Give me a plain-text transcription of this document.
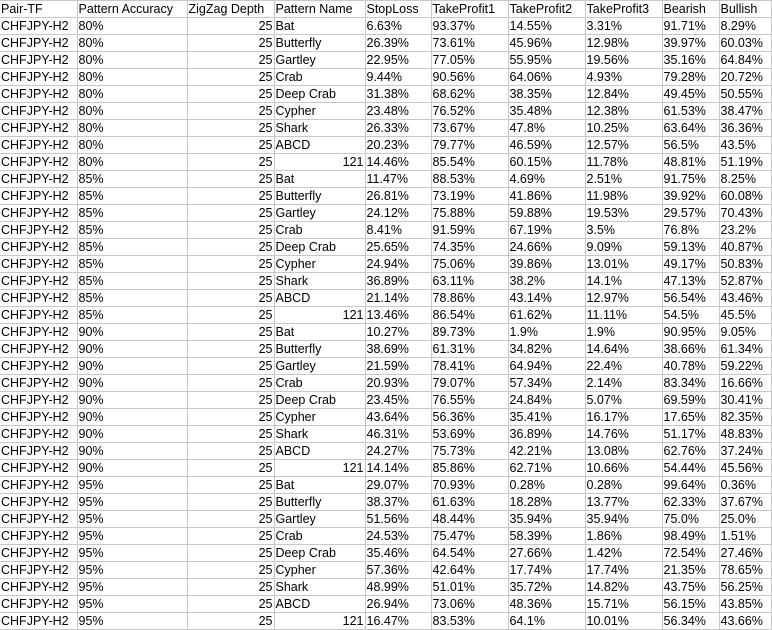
Pair-TF	Pattern Accuracy	ZigZag Depth	Pattern Name	StopLoss	TakeProfit1	TakeProfit2	TakeProfit3	Bearish	Bullish
CHFJPY-H2	80%	25	Bat	6.63%	93.37%	14.55%	3.31%	91.71%	8.29%
CHFJPY-H2	80%	25	Butterfly	26.39%	73.61%	45.96%	12.98%	39.97%	60.03%
CHFJPY-H2	80%	25	Gartley	22.95%	77.05%	55.95%	19.56%	35.16%	64.84%
CHFJPY-H2	80%	25	Crab	9.44%	90.56%	64.06%	4.93%	79.28%	20.72%
CHFJPY-H2	80%	25	Deep Crab	31.38%	68.62%	38.35%	12.84%	49.45%	50.55%
CHFJPY-H2	80%	25	Cypher	23.48%	76.52%	35.48%	12.38%	61.53%	38.47%
CHFJPY-H2	80%	25	Shark	26.33%	73.67%	47.8%	10.25%	63.64%	36.36%
CHFJPY-H2	80%	25	ABCD	20.23%	79.77%	46.59%	12.57%	56.5%	43.5%
CHFJPY-H2	80%	25	121	14.46%	85.54%	60.15%	11.78%	48.81%	51.19%
CHFJPY-H2	85%	25	Bat	11.47%	88.53%	4.69%	2.51%	91.75%	8.25%
CHFJPY-H2	85%	25	Butterfly	26.81%	73.19%	41.86%	11.98%	39.92%	60.08%
CHFJPY-H2	85%	25	Gartley	24.12%	75.88%	59.88%	19.53%	29.57%	70.43%
CHFJPY-H2	85%	25	Crab	8.41%	91.59%	67.19%	3.5%	76.8%	23.2%
CHFJPY-H2	85%	25	Deep Crab	25.65%	74.35%	24.66%	9.09%	59.13%	40.87%
CHFJPY-H2	85%	25	Cypher	24.94%	75.06%	39.86%	13.01%	49.17%	50.83%
CHFJPY-H2	85%	25	Shark	36.89%	63.11%	38.2%	14.1%	47.13%	52.87%
CHFJPY-H2	85%	25	ABCD	21.14%	78.86%	43.14%	12.97%	56.54%	43.46%
CHFJPY-H2	85%	25	121	13.46%	86.54%	61.62%	11.11%	54.5%	45.5%
CHFJPY-H2	90%	25	Bat	10.27%	89.73%	1.9%	1.9%	90.95%	9.05%
CHFJPY-H2	90%	25	Butterfly	38.69%	61.31%	34.82%	14.64%	38.66%	61.34%
CHFJPY-H2	90%	25	Gartley	21.59%	78.41%	64.94%	22.4%	40.78%	59.22%
CHFJPY-H2	90%	25	Crab	20.93%	79.07%	57.34%	2.14%	83.34%	16.66%
CHFJPY-H2	90%	25	Deep Crab	23.45%	76.55%	24.84%	5.07%	69.59%	30.41%
CHFJPY-H2	90%	25	Cypher	43.64%	56.36%	35.41%	16.17%	17.65%	82.35%
CHFJPY-H2	90%	25	Shark	46.31%	53.69%	36.89%	14.76%	51.17%	48.83%
CHFJPY-H2	90%	25	ABCD	24.27%	75.73%	42.21%	13.08%	62.76%	37.24%
CHFJPY-H2	90%	25	121	14.14%	85.86%	62.71%	10.66%	54.44%	45.56%
CHFJPY-H2	95%	25	Bat	29.07%	70.93%	0.28%	0.28%	99.64%	0.36%
CHFJPY-H2	95%	25	Butterfly	38.37%	61.63%	18.28%	13.77%	62.33%	37.67%
CHFJPY-H2	95%	25	Gartley	51.56%	48.44%	35.94%	35.94%	75.0%	25.0%
CHFJPY-H2	95%	25	Crab	24.53%	75.47%	58.39%	1.86%	98.49%	1.51%
CHFJPY-H2	95%	25	Deep Crab	35.46%	64.54%	27.66%	1.42%	72.54%	27.46%
CHFJPY-H2	95%	25	Cypher	57.36%	42.64%	17.74%	17.74%	21.35%	78.65%
CHFJPY-H2	95%	25	Shark	48.99%	51.01%	35.72%	14.82%	43.75%	56.25%
CHFJPY-H2	95%	25	ABCD	26.94%	73.06%	48.36%	15.71%	56.15%	43.85%
CHFJPY-H2	95%	25	121	16.47%	83.53%	64.1%	10.01%	56.34%	43.66%
